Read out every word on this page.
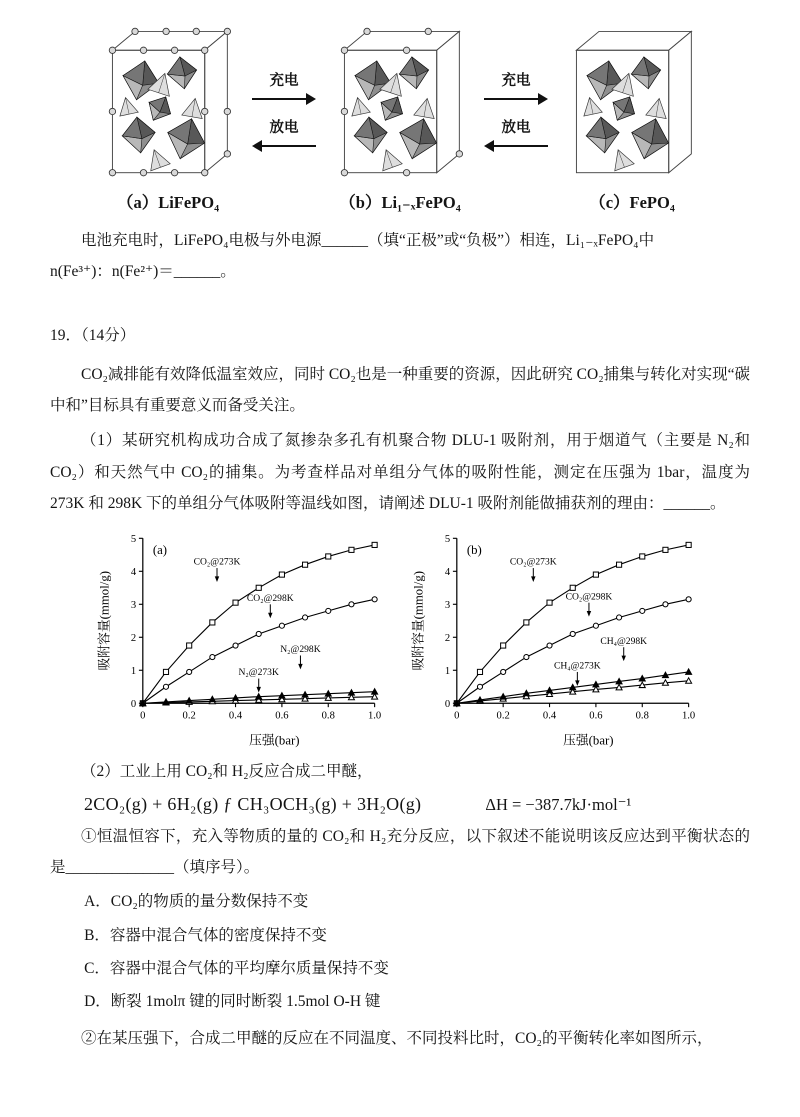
（a）LiFePO₄
充电
放电
（b）Li₁₋ₓFePO₄
充电
放电
（c）FePO₄

电池充电时，LiFePO₄电极与外电源______（填“正极”或“负极”）相连，Li₁₋ₓFePO₄中

n(Fe³⁺)：n(Fe²⁺)＝______。

19．（14分）

CO₂减排能有效降低温室效应，同时 CO₂也是一种重要的资源，因此研究 CO₂捕集与转化对实现“碳中和”目标具有重要意义而备受关注。

（1）某研究机构成功合成了氮掺杂多孔有机聚合物 DLU-1 吸附剂，用于烟道气（主要是 N₂和 CO₂）和天然气中 CO₂的捕集。为考查样品对单组分气体的吸附性能，测定在压强为 1bar，温度为 273K 和 298K 下的单组分气体吸附等温线如图，请阐述 DLU-1 吸附剂能做捕获剂的理由：______。

0	0.2	0.4	0.6	0.8	1.0
0
1
2
3
4
5
压强(bar)
吸附容量(mmol/g)
(a)
CO₂@273K
CO₂@298K
N₂@298K
N₂@273K
0	0.2	0.4	0.6	0.8	1.0
0
1
2
3
4
5
压强(bar)
吸附容量(mmol/g)
(b)
CO₂@273K
CO₂@298K
CH₄@298K
CH₄@273K

（2）工业上用 CO₂和 H₂反应合成二甲醚，

2CO₂(g) + 6H₂(g) ƒ CH₃OCH₃(g) + 3H₂O(g)	ΔH = −387.7kJ·mol⁻¹

①恒温恒容下，充入等物质的量的 CO₂和 H₂充分反应，以下叙述不能说明该反应达到平衡状态的是______________（填序号）。

A．CO₂的物质的量分数保持不变

B．容器中混合气体的密度保持不变

C．容器中混合气体的平均摩尔质量保持不变

D．断裂 1molπ 键的同时断裂 1.5mol O-H 键

②在某压强下，合成二甲醚的反应在不同温度、不同投料比时，CO₂的平衡转化率如图所示，
